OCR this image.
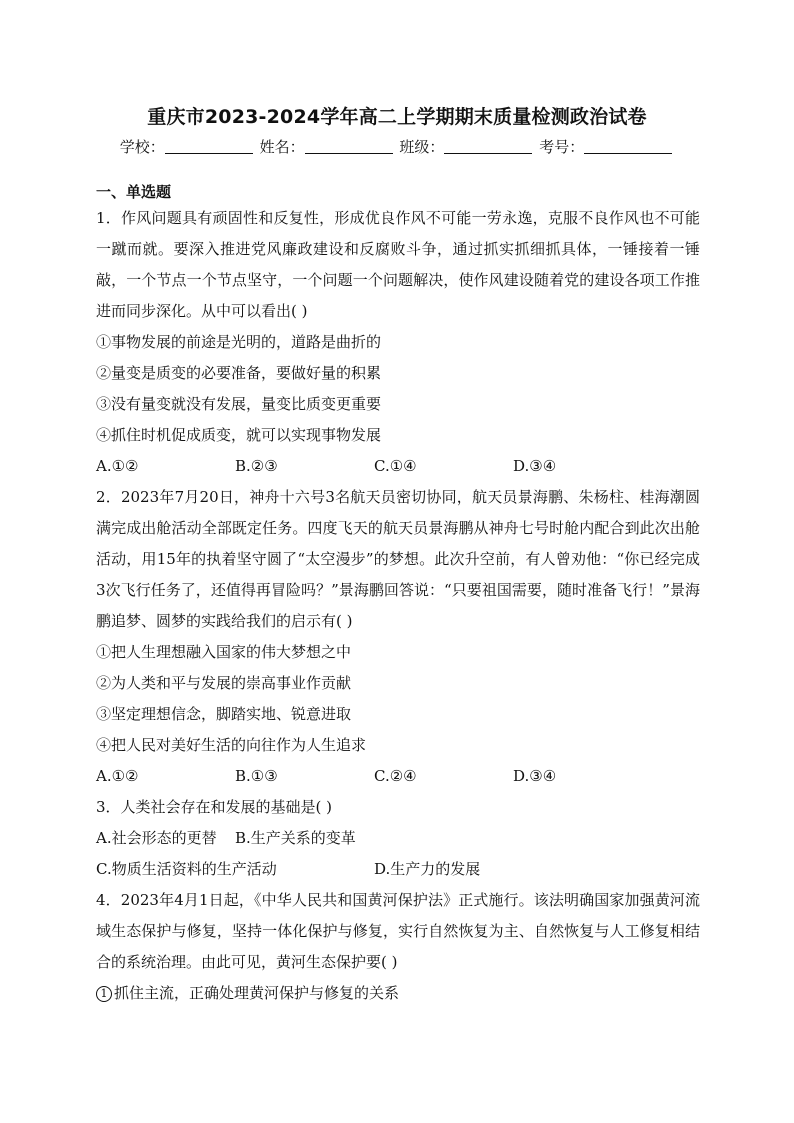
重庆市2023-2024学年高二上学期期末质量检测政治试卷
学校：	姓名：	班级：	考号：
一、单选题

1．作风问题具有顽固性和反复性，形成优良作风不可能一劳永逸，克服不良作风也不可能一蹴而就。要深入推进党风廉政建设和反腐败斗争，通过抓实抓细抓具体，一锤接着一锤敲，一个节点一个节点坚守，一个问题一个问题解决，使作风建设随着党的建设各项工作推进而同步深化。从中可以看出( )

①事物发展的前途是光明的，道路是曲折的
②量变是质变的必要准备，要做好量的积累
③没有量变就没有发展，量变比质变更重要
④抓住时机促成质变，就可以实现事物发展
A.①②	B.②③	C.①④	D.③④

2．2023年7月20日，神舟十六号3名航天员密切协同，航天员景海鹏、朱杨柱、桂海潮圆满完成出舱活动全部既定任务。四度飞天的航天员景海鹏从神舟七号时舱内配合到此次出舱活动，用15年的执着坚守圆了“太空漫步”的梦想。此次升空前，有人曾劝他：“你已经完成3次飞行任务了，还值得再冒险吗？”景海鹏回答说：“只要祖国需要，随时准备飞行！”景海鹏追梦、圆梦的实践给我们的启示有( )

①把人生理想融入国家的伟大梦想之中
②为人类和平与发展的崇高事业作贡献
③坚定理想信念，脚踏实地、锐意进取
④把人民对美好生活的向往作为人生追求
A.①②	B.①③	C.②④	D.③④
3．人类社会存在和发展的基础是( )
A.社会形态的更替 B.生产关系的变革
C.物质生活资料的生产活动	D.生产力的发展

4．2023年4月1日起，《中华人民共和国黄河保护法》正式施行。该法明确国家加强黄河流域生态保护与修复，坚持一体化保护与修复，实行自然恢复为主、自然恢复与人工修复相结合的系统治理。由此可见，黄河生态保护要( )

1 抓住主流，正确处理黄河保护与修复的关系
